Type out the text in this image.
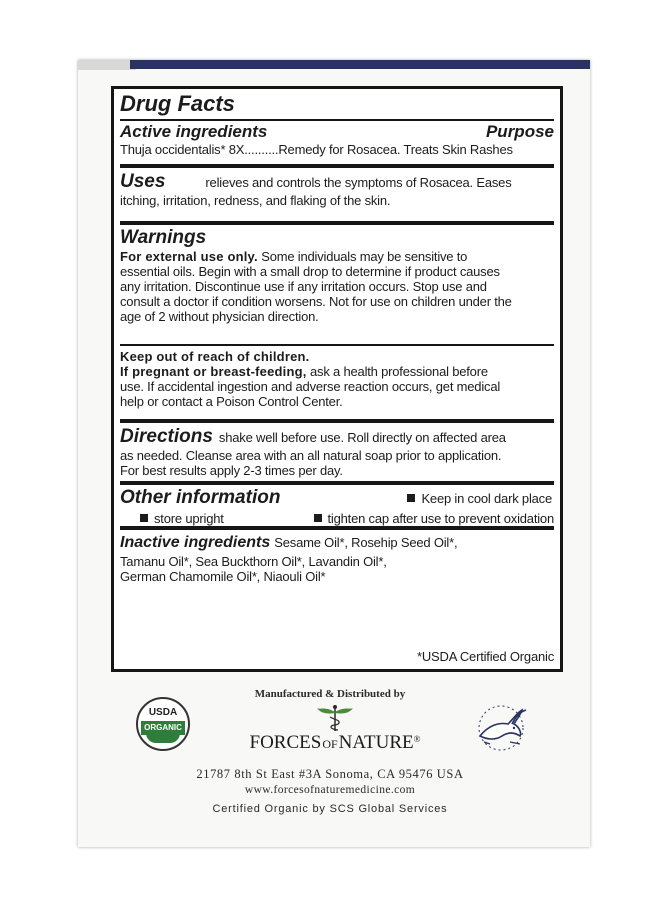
Drug Facts
Active ingredients	Purpose
Thuja occidentalis* 8X..........Remedy for Rosacea. Treats Skin Rashes
Uses	relieves and controls the symptoms of Rosacea. Eases
itching, irritation, redness, and flaking of the skin.
Warnings
For external use only. Some individuals may be sensitive to
essential oils. Begin with a small drop to determine if product causes
any irritation. Discontinue use if any irritation occurs. Stop use and
consult a doctor if condition worsens. Not for use on children under the
age of 2 without physician direction.
Keep out of reach of children.
If pregnant or breast-feeding, ask a health professional before
use. If accidental ingestion and adverse reaction occurs, get medical
help or contact a Poison Control Center.
Directions shake well before use. Roll directly on affected area
as needed. Cleanse area with an all natural soap prior to application.
For best results apply 2-3 times per day.
Other information	Keep in cool dark place
store upright	tighten cap after use to prevent oxidation
Inactive ingredients Sesame Oil*, Rosehip Seed Oil*,
Tamanu Oil*, Sea Buckthorn Oil*, Lavandin Oil*,
German Chamomile Oil*, Niaouli Oil*
*USDA Certified Organic
Manufactured & Distributed by
USDA
ORGANIC
FORCESOFNATURE®
21787 8th St East #3A Sonoma, CA 95476 USA
www.forcesofnaturemedicine.com
Certified Organic by SCS Global Services
